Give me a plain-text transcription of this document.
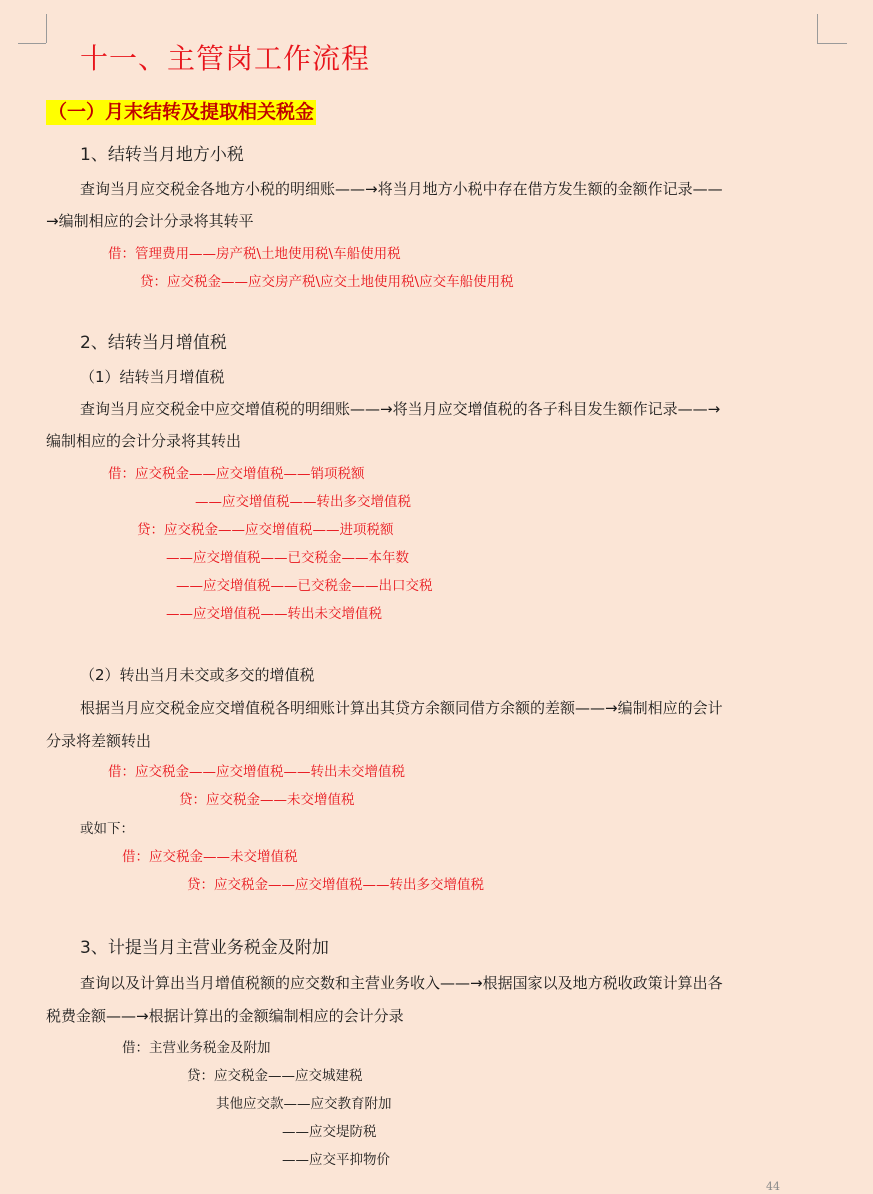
十一、主管岗工作流程
（一）月末结转及提取相关税金
1、结转当月地方小税
查询当月应交税金各地方小税的明细账——→将当月地方小税中存在借方发生额的金额作记录——
→编制相应的会计分录将其转平
借：管理费用——房产税\土地使用税\车船使用税
贷：应交税金——应交房产税\应交土地使用税\应交车船使用税
2、结转当月增值税
（1）结转当月增值税
查询当月应交税金中应交增值税的明细账——→将当月应交增值税的各子科目发生额作记录——→
编制相应的会计分录将其转出
借：应交税金——应交增值税——销项税额
——应交增值税——转出多交增值税
贷：应交税金——应交增值税——进项税额
——应交增值税——已交税金——本年数
——应交增值税——已交税金——出口交税
——应交增值税——转出未交增值税
（2）转出当月未交或多交的增值税
根据当月应交税金应交增值税各明细账计算出其贷方余额同借方余额的差额——→编制相应的会计
分录将差额转出
借：应交税金——应交增值税——转出未交增值税
贷：应交税金——未交增值税
或如下：
借：应交税金——未交增值税
贷：应交税金——应交增值税——转出多交增值税
3、计提当月主营业务税金及附加
查询以及计算出当月增值税额的应交数和主营业务收入——→根据国家以及地方税收政策计算出各
税费金额——→根据计算出的金额编制相应的会计分录
借：主营业务税金及附加
贷：应交税金——应交城建税
其他应交款——应交教育附加
——应交堤防税
——应交平抑物价
44
